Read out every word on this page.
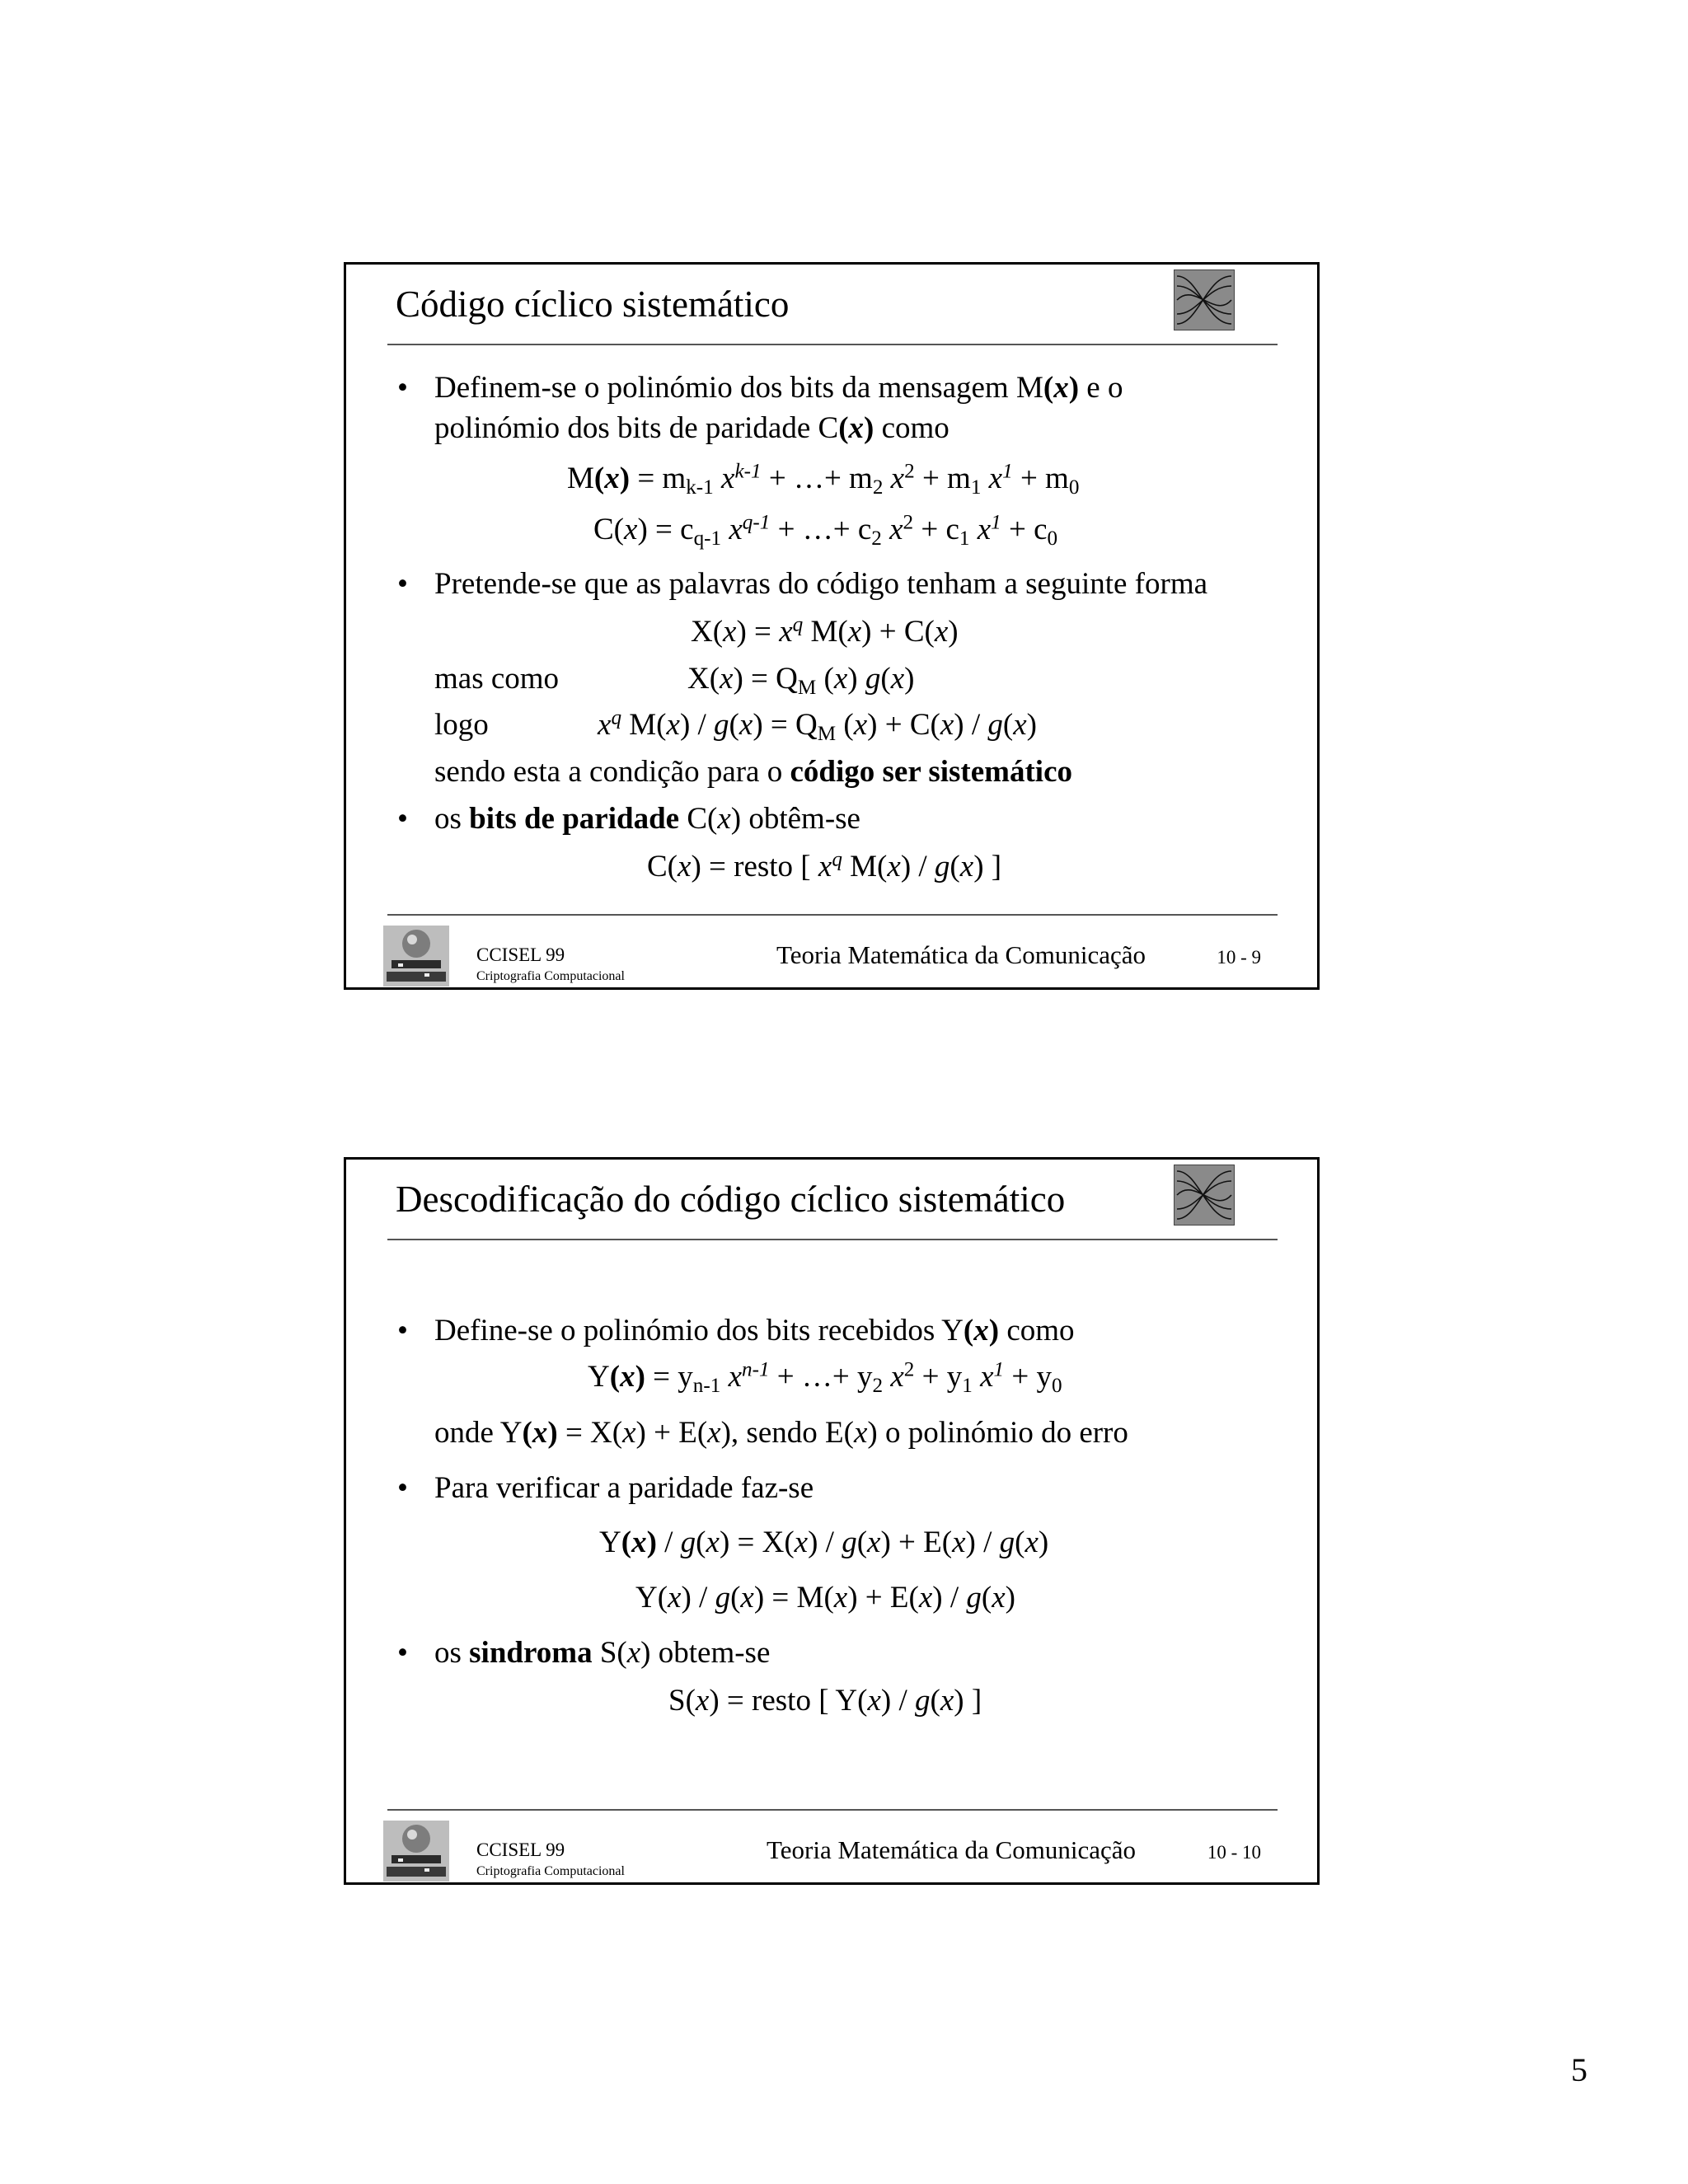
Código cíclico sistemático
• Definem-se o polinómio dos bits da mensagem M(x) e o
polinómio dos bits de paridade C(x) como
$M(x) = m_{k-1}$ $x^{k-1}$ + …+ $m_2$ $x^2 + m_1$ $x^1 + m_0$
$C(x) = c_{q-1}$ $x^{q-1}$ + …+ $c_2$ $x^2 + c_1$ $x^1 + c_0$
• Pretende-se que as palavras do código tenham a seguinte forma
$X(x) = x^q$ M(x) + C(x)
mas como	$X(x) = Q_M$ (x) g(x)
logo	$x^q$ $M(x) / g(x) = Q_M$ (x) + C(x) / g(x)
sendo esta a condição para o código ser sistemático
• os bits de paridade C(x) obtêm-se
C(x) = resto [ $x^q$ M(x) / g(x) ]
CCISEL 99
Criptografia Computacional
Teoria Matemática da Comunicação	10 - 9
Descodificação do código cíclico sistemático
• Define-se o polinómio dos bits recebidos Y(x) como
$Y(x) = y_{n-1}$ $x^{n-1}$ + …+ $y_2$ $x^2 + y_1$ $x^1 + y_0$
onde Y(x) = X(x) + E(x), sendo E(x) o polinómio do erro
• Para verificar a paridade faz-se
Y(x) / g(x) = X(x) / g(x) + E(x) / g(x)
Y(x) / g(x) = M(x) + E(x) / g(x)
• os sindroma S(x) obtem-se
S(x) = resto [ Y(x) / g(x) ]
CCISEL 99
Criptografia Computacional
Teoria Matemática da Comunicação	10 - 10
5
